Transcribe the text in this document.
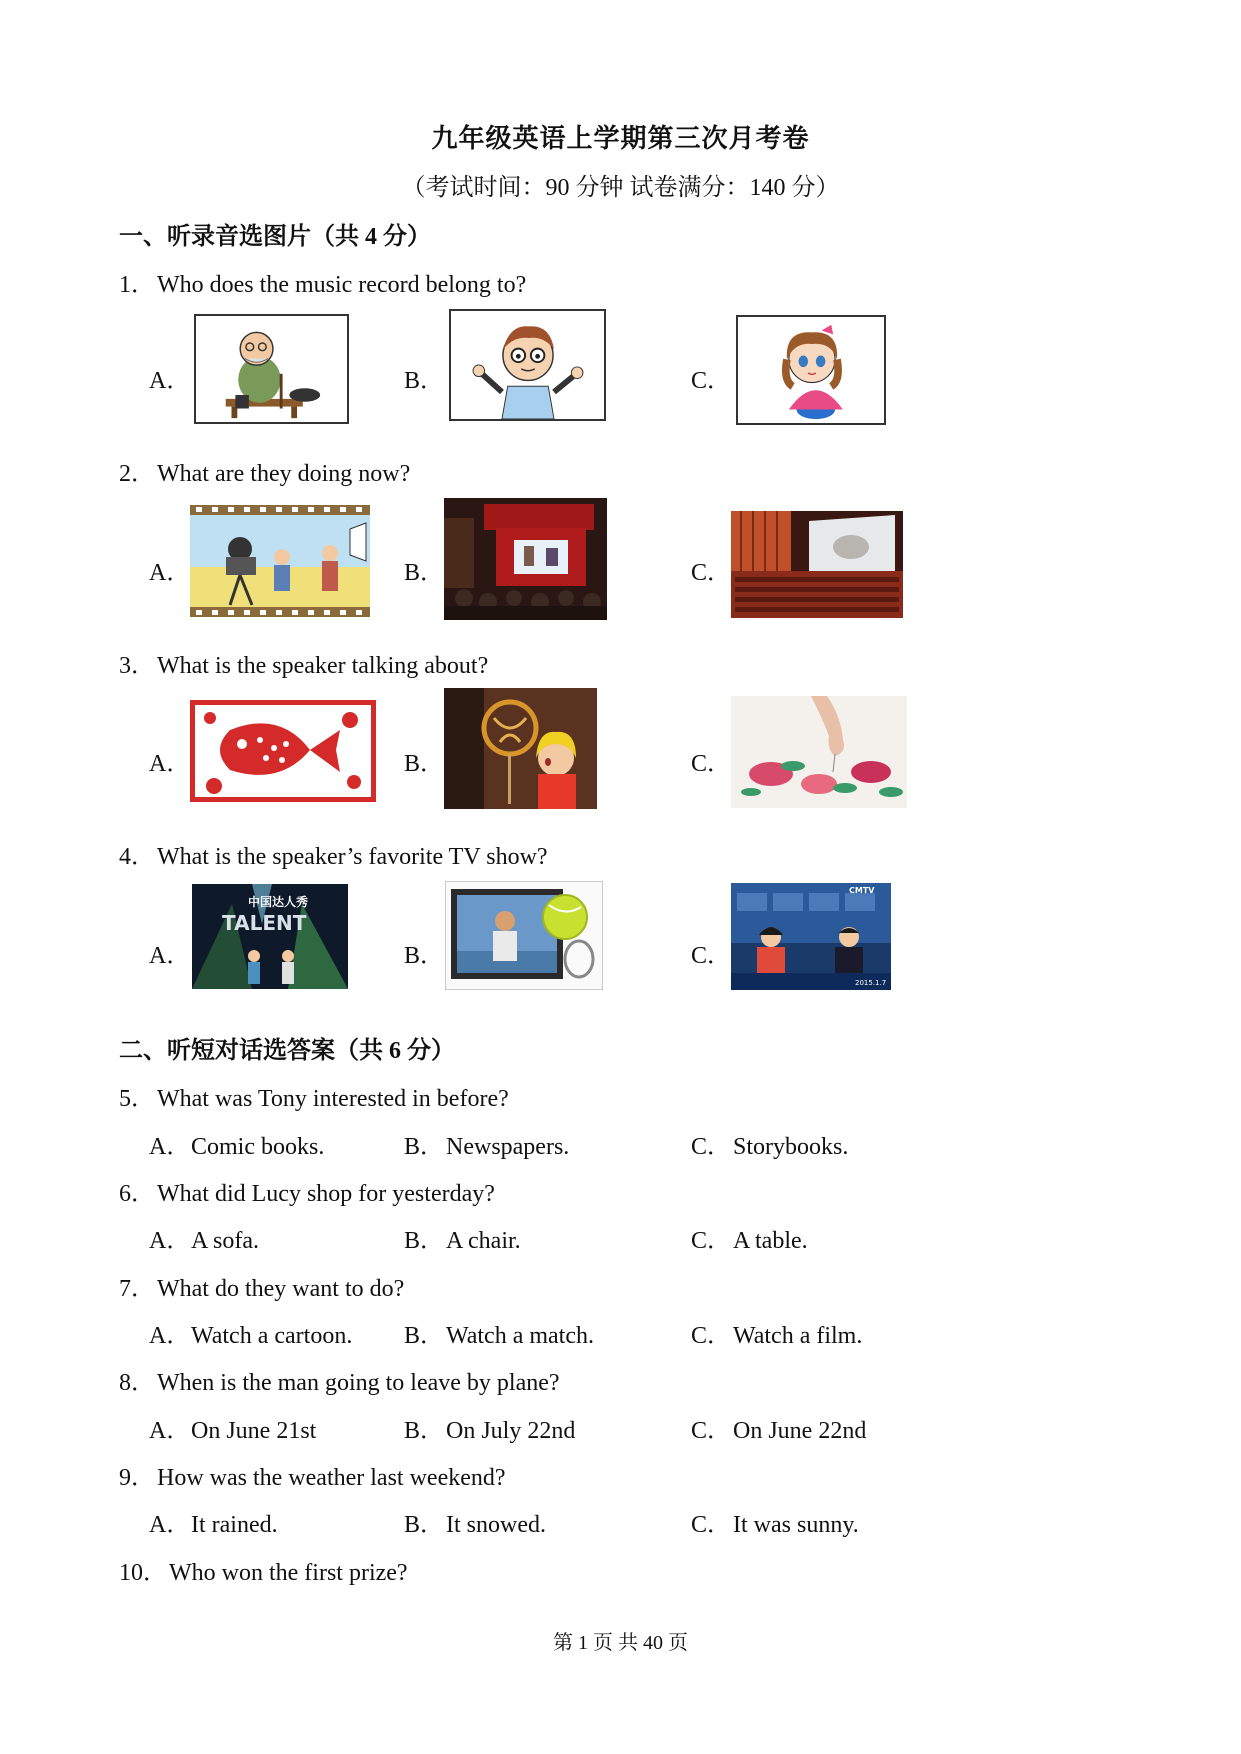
九年级英语上学期第三次月考卷
（考试时间：90 分钟 试卷满分：140 分）
一、听录音选图片（共 4 分）
1．Who does the music record belong to?
A．	B．	C．
2．What are they doing now?
A．	B．	C．
3．What is the speaker talking about?
A．	B．	C．
4．What is the speaker’s favorite TV show?
A．	B．	C．
中国达人秀
TALENT
CMTV
2015.1.7
二、听短对话选答案（共 6 分）
5．What was Tony interested in before?
A．Comic books.	B．Newspapers.	C．Storybooks.
6．What did Lucy shop for yesterday?
A．A sofa.	B．A chair.	C．A table.
7．What do they want to do?
A．Watch a cartoon. B．Watch a match.	C．Watch a film.
8．When is the man going to leave by plane?
A．On June 21st	B．On July 22nd	C．On June 22nd
9．How was the weather last weekend?
A．It rained.	B．It snowed.	C．It was sunny.
10．Who won the first prize?
第 1 页 共 40 页
